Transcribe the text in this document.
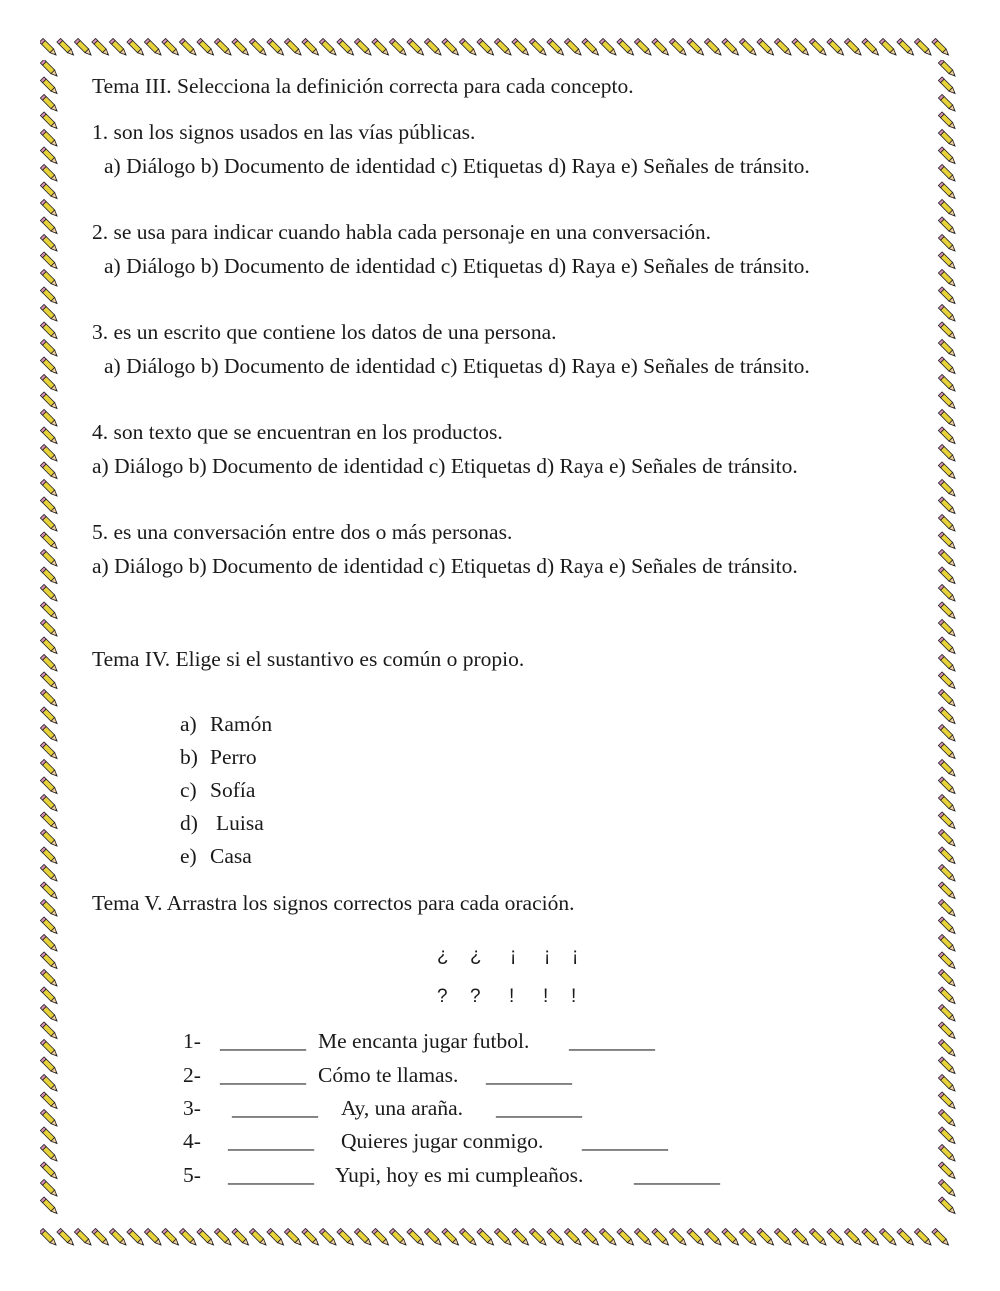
Tema III. Selecciona la definición correcta para cada concepto.
1. son los signos usados en las vías públicas.
a) Diálogo b) Documento de identidad c) Etiquetas d) Raya e) Señales de tránsito.
2. se usa para indicar cuando habla cada personaje en una conversación.
a) Diálogo b) Documento de identidad c) Etiquetas d) Raya e) Señales de tránsito.
3. es un escrito que contiene los datos de una persona.
a) Diálogo b) Documento de identidad c) Etiquetas d) Raya e) Señales de tránsito.
4. son texto que se encuentran en los productos.
a) Diálogo b) Documento de identidad c) Etiquetas d) Raya e) Señales de tránsito.
5. es una conversación entre dos o más personas.
a) Diálogo b) Documento de identidad c) Etiquetas d) Raya e) Señales de tránsito.
Tema IV. Elige si el sustantivo es común o propio.
a) Ramón
b) Perro
c) Sofía
d) Luisa
e) Casa
Tema V. Arrastra los signos correctos para cada oración.
¿ ¿ ¡ ¡ ¡
? ? ! ! !
1- ________ Me encanta jugar futbol. ________
2- ________ Cómo te llamas. ________
3- ________ Ay, una araña. ________
4- ________ Quieres jugar conmigo. ________
5- ________ Yupi, hoy es mi cumpleaños. ________
